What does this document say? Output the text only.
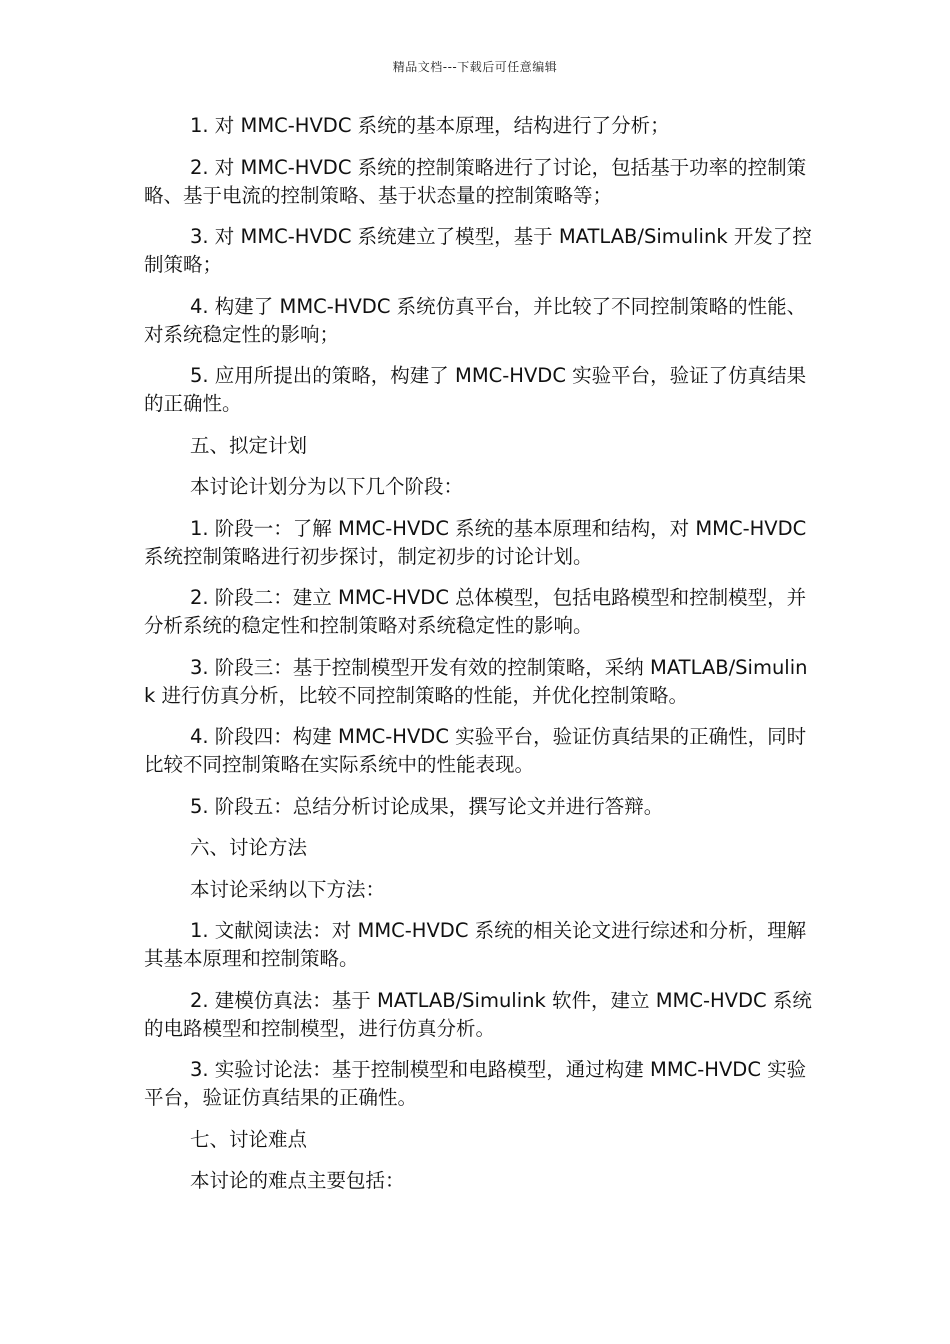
精品文档---下载后可任意编辑

1. 对 MMC-HVDC 系统的基本原理，结构进行了分析；

2. 对 MMC-HVDC 系统的控制策略进行了讨论，包括基于功率的控制策略、基于电流的控制策略、基于状态量的控制策略等；

3. 对 MMC-HVDC 系统建立了模型，基于 MATLAB/Simulink 开发了控制策略；

4. 构建了 MMC-HVDC 系统仿真平台，并比较了不同控制策略的性能、对系统稳定性的影响；

5. 应用所提出的策略，构建了 MMC-HVDC 实验平台，验证了仿真结果的正确性。

五、拟定计划

本讨论计划分为以下几个阶段：

1. 阶段一：了解 MMC-HVDC 系统的基本原理和结构，对 MMC-HVDC 系统控制策略进行初步探讨，制定初步的讨论计划。

2. 阶段二：建立 MMC-HVDC 总体模型，包括电路模型和控制模型，并分析系统的稳定性和控制策略对系统稳定性的影响。

3. 阶段三：基于控制模型开发有效的控制策略，采纳 MATLAB/Simulink 进行仿真分析，比较不同控制策略的性能，并优化控制策略。

4. 阶段四：构建 MMC-HVDC 实验平台，验证仿真结果的正确性，同时比较不同控制策略在实际系统中的性能表现。

5. 阶段五：总结分析讨论成果，撰写论文并进行答辩。

六、讨论方法

本讨论采纳以下方法：

1. 文献阅读法：对 MMC-HVDC 系统的相关论文进行综述和分析，理解其基本原理和控制策略。

2. 建模仿真法：基于 MATLAB/Simulink 软件，建立 MMC-HVDC 系统的电路模型和控制模型，进行仿真分析。

3. 实验讨论法：基于控制模型和电路模型，通过构建 MMC-HVDC 实验平台，验证仿真结果的正确性。

七、讨论难点

本讨论的难点主要包括：
